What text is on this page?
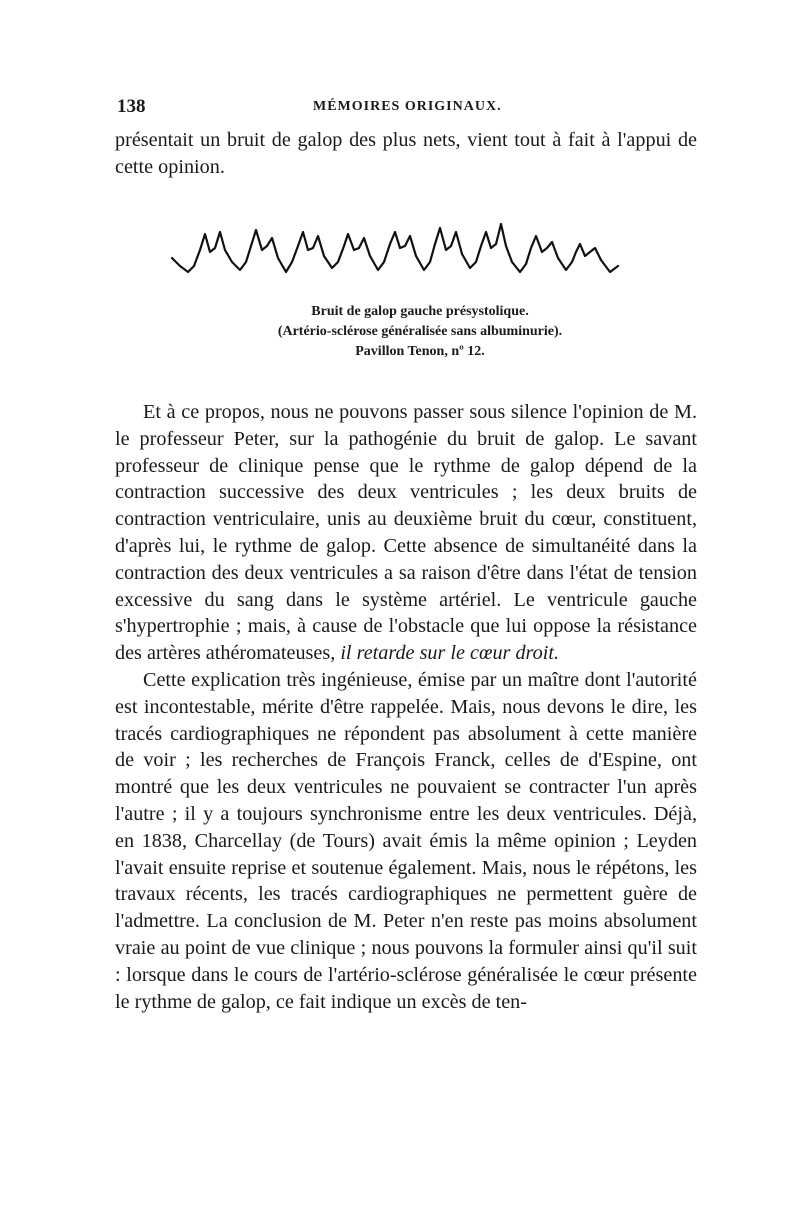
138	MÉMOIRES ORIGINAUX.

présentait un bruit de galop des plus nets, vient tout à fait à l'appui de cette opinion.

Bruit de galop gauche présystolique.
(Artério-sclérose généralisée sans albuminurie).
Pavillon Tenon, nº 12.

Et à ce propos, nous ne pouvons passer sous silence l'opinion de M. le professeur Peter, sur la pathogénie du bruit de galop. Le savant professeur de clinique pense que le rythme de galop dépend de la contraction successive des deux ventricules ; les deux bruits de contraction ventriculaire, unis au deuxième bruit du cœur, constituent, d'après lui, le rythme de galop. Cette absence de simultanéité dans la contraction des deux ventricules a sa raison d'être dans l'état de tension excessive du sang dans le système artériel. Le ventricule gauche s'hypertrophie ; mais, à cause de l'obstacle que lui oppose la résistance des artères athéromateuses, il retarde sur le cœur droit.

Cette explication très ingénieuse, émise par un maître dont l'autorité est incontestable, mérite d'être rappelée. Mais, nous devons le dire, les tracés cardiographiques ne répondent pas absolument à cette manière de voir ; les recherches de François Franck, celles de d'Espine, ont montré que les deux ventricules ne pouvaient se contracter l'un après l'autre ; il y a toujours synchronisme entre les deux ventricules. Déjà, en 1838, Charcellay (de Tours) avait émis la même opinion ; Leyden l'avait ensuite reprise et soutenue également. Mais, nous le répétons, les travaux récents, les tracés cardiographiques ne permettent guère de l'admettre. La conclusion de M. Peter n'en reste pas moins absolument vraie au point de vue clinique ; nous pouvons la formuler ainsi qu'il suit : lorsque dans le cours de l'artério-sclérose généralisée le cœur présente le rythme de galop, ce fait indique un excès de ten-
